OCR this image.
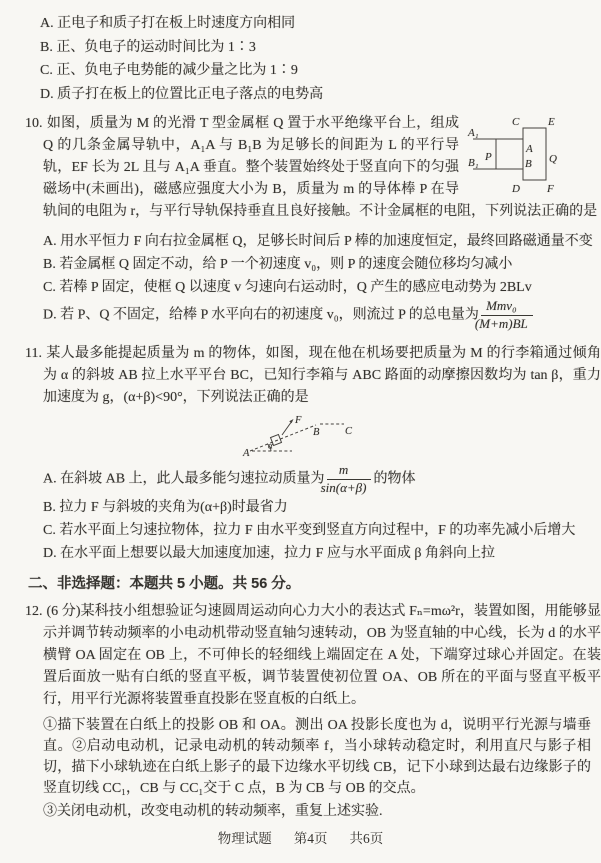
A. 正电子和质子打在板上时速度方向相同

B. 正、负电子的运动时间比为 1∶3

C. 正、负电子电势能的减少量之比为 1∶9

D. 质子打在板上的位置比正电子落点的电势高

A₁
B₁ P
C	E
A
Q
B
D F
10. 如图，质量为 M 的光滑 T 型金属框 Q 置于水平绝缘平台上，组成 Q 的几条金属导轨中，A₁A 与 B₁B 为足够长的间距为 L 的平行导轨，EF 长为 2L 且与 A₁A 垂直。整个装置始终处于竖直向下的匀强磁场中(未画出)，磁感应强度大小为 B，质量为 m 的导体棒 P 在导轨间的电阻为 r，与平行导轨保持垂直且良好接触。不计金属框的电阻，下列说法正确的是

A. 用水平恒力 F 向右拉金属框 Q，足够长时间后 P 棒的加速度恒定，最终回路磁通量不变

B. 若金属框 Q 固定不动，给 P 一个初速度 v₀，则 P 的速度会随位移均匀减小

C. 若棒 P 固定，使框 Q 以速度 v 匀速向右运动时，Q 产生的感应电动势为 2BLv

D. 若 P、Q 不固定，给棒 P 水平向右的初速度 v₀，则流过 P 的总电量为 $\frac{\text{Mmv₀}}{(M+m)BL}$

11. 某人最多能提起质量为 m 的物体，如图，现在他在机场要把质量为 M 的行李箱通过倾角为 α 的斜坡 AB 拉上水平平台 BC，已知行李箱与 ABC 路面的动摩擦因数均为 tan β，重力加速度为 g，(α+β)<90°，下列说法正确的是

F
A
B C
α

A. 在斜坡 AB 上，此人最多能匀速拉动质量为 $\frac{m}{\sin(\alpha+\beta)}$ 的物体

B. 拉力 F 与斜坡的夹角为(α+β)时最省力

C. 若水平面上匀速拉物体，拉力 F 由水平变到竖直方向过程中，F 的功率先减小后增大

D. 在水平面上想要以最大加速度加速，拉力 F 应与水平面成 β 角斜向上拉

二、非选择题：本题共 5 小题。共 56 分。

12. (6 分)某科技小组想验证匀速圆周运动向心力大小的表达式 Fₙ=mω²r，装置如图，用能够显示并调节转动频率的小电动机带动竖直轴匀速转动，OB 为竖直轴的中心线，长为 d 的水平横臂 OA 固定在 OB 上，不可伸长的轻细线上端固定在 A 处，下端穿过球心并固定。在装置后面放一贴有白纸的竖直平板，调节装置使初位置 OA、OB 所在的平面与竖直平板平行，用平行光源将装置垂直投影在竖直板的白纸上。

①描下装置在白纸上的投影 OB 和 OA。测出 OA 投影长度也为 d，说明平行光源与墙垂直。②启动电动机，记录电动机的转动频率 f，当小球转动稳定时，利用直尺与影子相切，描下小球轨迹在白纸上影子的最下边缘水平切线 CB，记下小球到达最右边缘影子的竖直切线 CC₁，CB 与 CC₁交于 C 点，B 为 CB 与 OB 的交点。

③关闭电动机，改变电动机的转动频率，重复上述实验.

物理试题 第4页 共6页
